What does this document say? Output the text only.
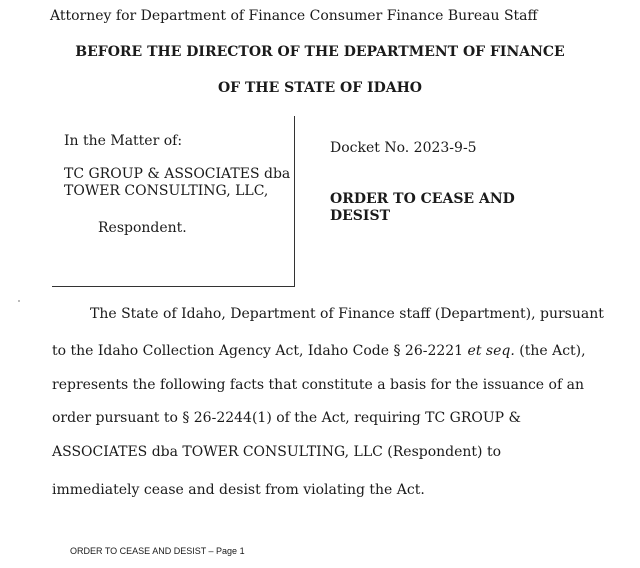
Attorney for Department of Finance Consumer Finance Bureau Staff
BEFORE THE DIRECTOR OF THE DEPARTMENT OF FINANCE
OF THE STATE OF IDAHO
In the Matter of:
TC GROUP & ASSOCIATES dba
TOWER CONSULTING, LLC,
Respondent.
Docket No. 2023-9-5
ORDER TO CEASE AND DESIST
The State of Idaho, Department of Finance staff (Department), pursuant
to the Idaho Collection Agency Act, Idaho Code § 26-2221 et seq. (the Act),
represents the following facts that constitute a basis for the issuance of an
order pursuant to § 26-2244(1) of the Act, requiring TC GROUP &
ASSOCIATES dba TOWER CONSULTING, LLC (Respondent) to
immediately cease and desist from violating the Act.
ORDER TO CEASE AND DESIST – Page 1
